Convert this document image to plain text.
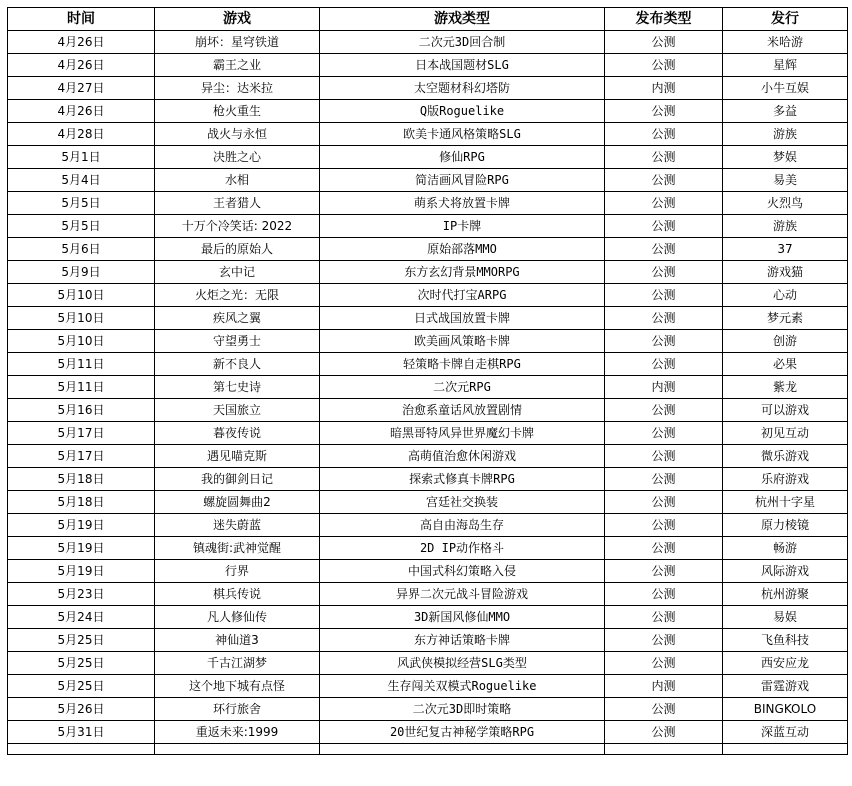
时间	游戏	游戏类型	发布类型	发行
4月26日	崩坏：星穹铁道	二次元3D回合制	公测	米哈游
4月26日	霸王之业	日本战国题材SLG	公测	星辉
4月27日	异尘：达米拉	太空题材科幻塔防	内测	小牛互娱
4月26日	枪火重生	Q版Roguelike	公测	多益
4月28日	战火与永恒	欧美卡通风格策略SLG	公测	游族
5月1日	决胜之心	修仙RPG	公测	梦娱
5月4日	水相	简洁画风冒险RPG	公测	易美
5月5日	王者猎人	萌系犬将放置卡牌	公测	火烈鸟
5月5日	十万个冷笑话: 2022	IP卡牌	公测	游族
5月6日	最后的原始人	原始部落MMO	公测	37
5月9日	玄中记	东方玄幻背景MMORPG	公测	游戏猫
5月10日	火炬之光：无限	次时代打宝ARPG	公测	心动
5月10日	疾风之翼	日式战国放置卡牌	公测	梦元素
5月10日	守望勇士	欧美画风策略卡牌	公测	创游
5月11日	新不良人	轻策略卡牌自走棋RPG	公测	必果
5月11日	第七史诗	二次元RPG	内测	紫龙
5月16日	天国旅立	治愈系童话风放置剧情	公测	可以游戏
5月17日	暮夜传说	暗黑哥特风异世界魔幻卡牌	公测	初见互动
5月17日	遇见喵克斯	高萌值治愈休闲游戏	公测	微乐游戏
5月18日	我的御剑日记	探索式修真卡牌RPG	公测	乐府游戏
5月18日	螺旋圆舞曲2	宫廷社交换装	公测	杭州十字星
5月19日	迷失蔚蓝	高自由海岛生存	公测	原力棱镜
5月19日	镇魂街:武神觉醒	2D IP动作格斗	公测	畅游
5月19日	行界	中国式科幻策略入侵	公测	风际游戏
5月23日	棋兵传说	异界二次元战斗冒险游戏	公测	杭州游聚
5月24日	凡人修仙传	3D新国风修仙MMO	公测	易娱
5月25日	神仙道3	东方神话策略卡牌	公测	飞鱼科技
5月25日	千古江湖梦	风武侠模拟经营SLG类型	公测	西安应龙
5月25日	这个地下城有点怪	生存闯关双模式Roguelike	内测	雷霆游戏
5月26日	环行旅舍	二次元3D即时策略	公测	BINGKOLO
5月31日	重返未来:1999	20世纪复古神秘学策略RPG	公测	深蓝互动
